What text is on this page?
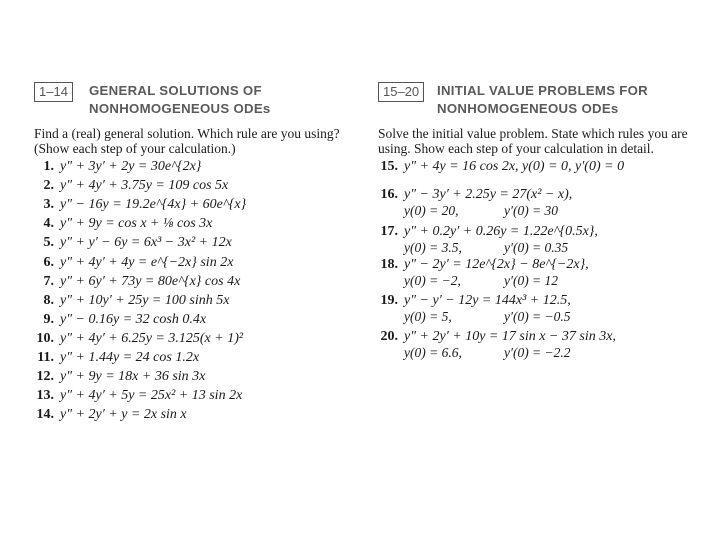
1–14	GENERAL SOLUTIONS OF
NONHOMOGENEOUS ODEs
Find a (real) general solution. Which rule are you using?
(Show each step of your calculation.)
1. y″ + 3y′ + 2y = 30e^{2x}
2. y″ + 4y′ + 3.75y = 109 cos 5x
3. y″ − 16y = 19.2e^{4x} + 60e^{x}
4. y″ + 9y = cos x + ⅛ cos 3x
5. y″ + y′ − 6y = 6x³ − 3x² + 12x
6. y″ + 4y′ + 4y = e^{−2x} sin 2x
7. y″ + 6y′ + 73y = 80e^{x} cos 4x
8. y″ + 10y′ + 25y = 100 sinh 5x
9. y″ − 0.16y = 32 cosh 0.4x
10. y″ + 4y′ + 6.25y = 3.125(x + 1)²
11. y″ + 1.44y = 24 cos 1.2x
12. y″ + 9y = 18x + 36 sin 3x
13. y″ + 4y′ + 5y = 25x² + 13 sin 2x
14. y″ + 2y′ + y = 2x sin x
15–20	INITIAL VALUE PROBLEMS FOR
NONHOMOGENEOUS ODEs
Solve the initial value problem. State which rules you are
using. Show each step of your calculation in detail.
15. y″ + 4y = 16 cos 2x, y(0) = 0, y′(0) = 0
16. y″ − 3y′ + 2.25y = 27(x² − x),
y(0) = 20,	y′(0) = 30
17. y″ + 0.2y′ + 0.26y = 1.22e^{0.5x},
y(0) = 3.5,	y′(0) = 0.35
18. y″ − 2y′ = 12e^{2x} − 8e^{−2x},
y(0) = −2,	y′(0) = 12
19. y″ − y′ − 12y = 144x³ + 12.5,
y(0) = 5,	y′(0) = −0.5
20. y″ + 2y′ + 10y = 17 sin x − 37 sin 3x,
y(0) = 6.6,	y′(0) = −2.2
